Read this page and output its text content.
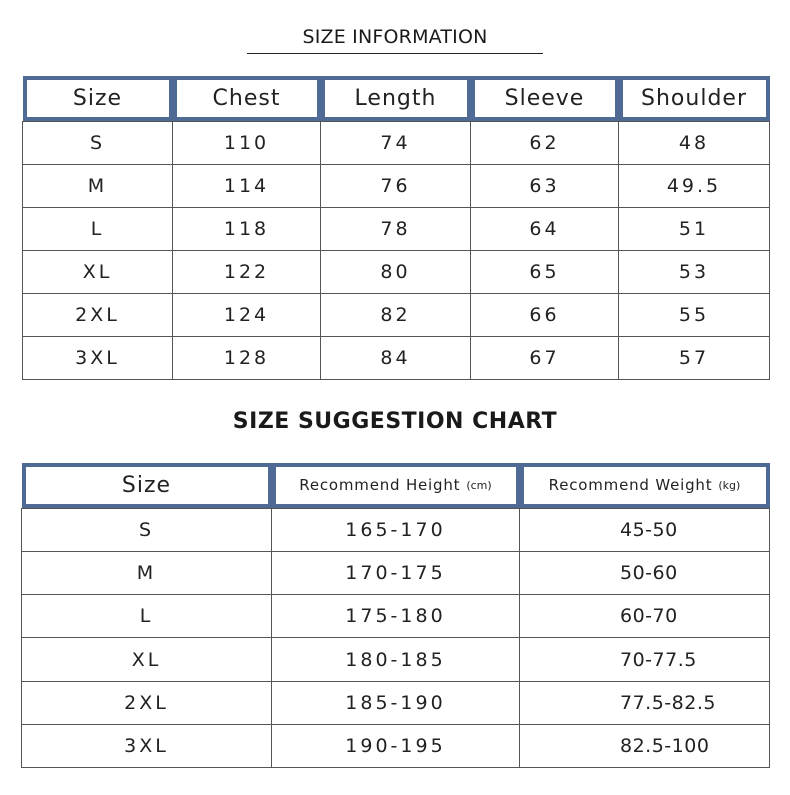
SIZE INFORMATION
Size	Chest	Length	Sleeve	Shoulder

S	110	74	62	48
M	114	76	63	49.5
L	118	78	64	51
XL	122	80	65	53
2XL	124	82	66	55
3XL	128	84	67	57
SIZE SUGGESTION CHART
Size	Recommend Height (cm)	Recommend Weight (kg)

S	165-170	45-50
M	170-175	50-60
L	175-180	60-70
XL	180-185	70-77.5
2XL	185-190	77.5-82.5
3XL	190-195	82.5-100
